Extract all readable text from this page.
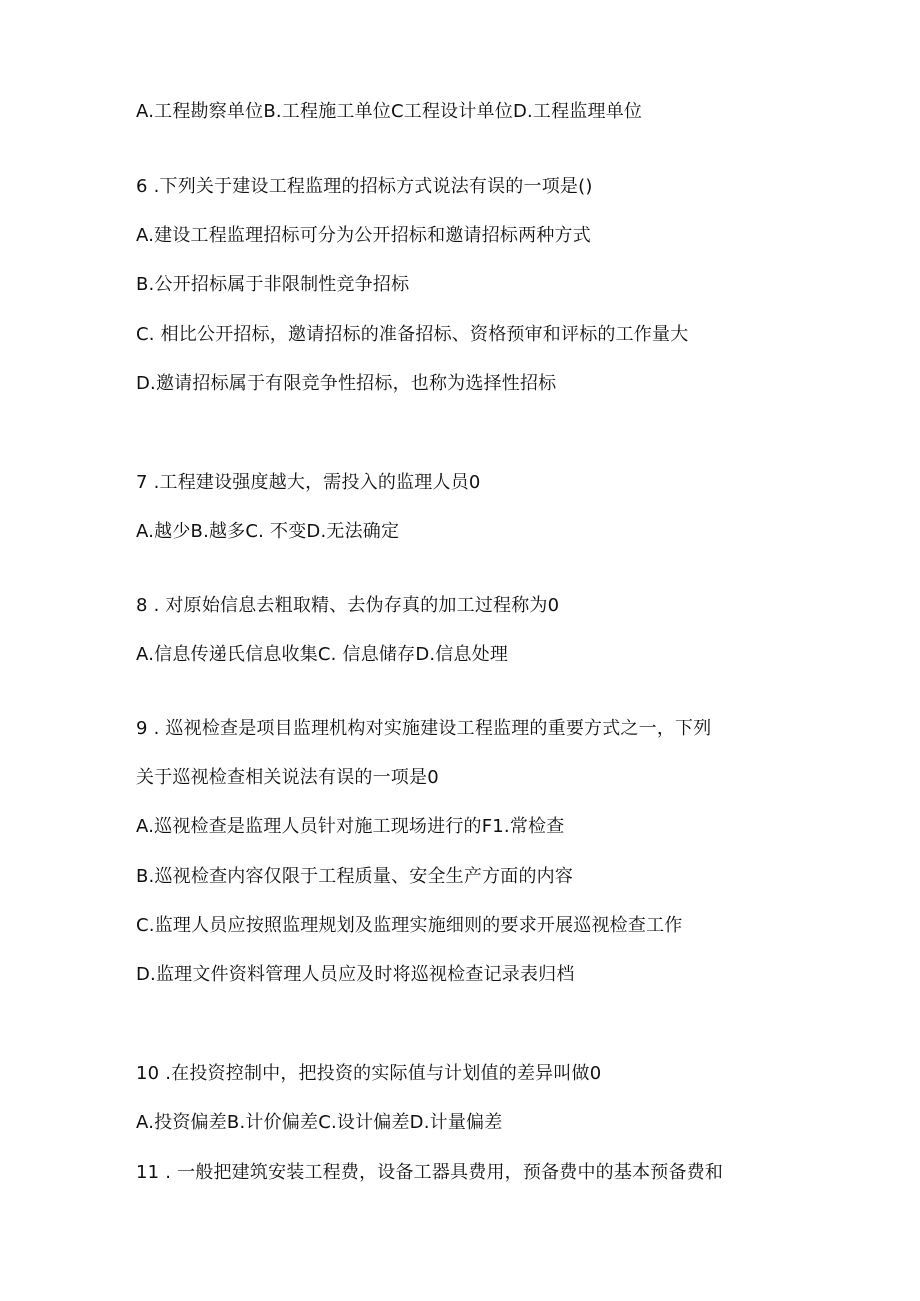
A.工程勘察单位B.工程施工单位C工程设计单位D.工程监理单位
6 .下列关于建设工程监理的招标方式说法有误的一项是()
A.建设工程监理招标可分为公开招标和邀请招标两种方式
B.公开招标属于非限制性竞争招标
C. 相比公开招标，邀请招标的准备招标、资格预审和评标的工作量大
D.邀请招标属于有限竞争性招标，也称为选择性招标
7 .工程建设强度越大，需投入的监理人员0
A.越少B.越多C. 不变D.无法确定
8 . 对原始信息去粗取精、去伪存真的加工过程称为0
A.信息传递氏信息收集C. 信息储存D.信息处理
9 . 巡视检查是项目监理机构对实施建设工程监理的重要方式之一，下列
关于巡视检查相关说法有误的一项是0
A.巡视检查是监理人员针对施工现场进行的F1.常检查
B.巡视检查内容仅限于工程质量、安全生产方面的内容
C.监理人员应按照监理规划及监理实施细则的要求开展巡视检查工作
D.监理文件资料管理人员应及时将巡视检查记录表归档
10 .在投资控制中，把投资的实际值与计划值的差异叫做0
A.投资偏差B.计价偏差C.设计偏差D.计量偏差
11 . 一般把建筑安装工程费，设备工器具费用，预备费中的基本预备费和
